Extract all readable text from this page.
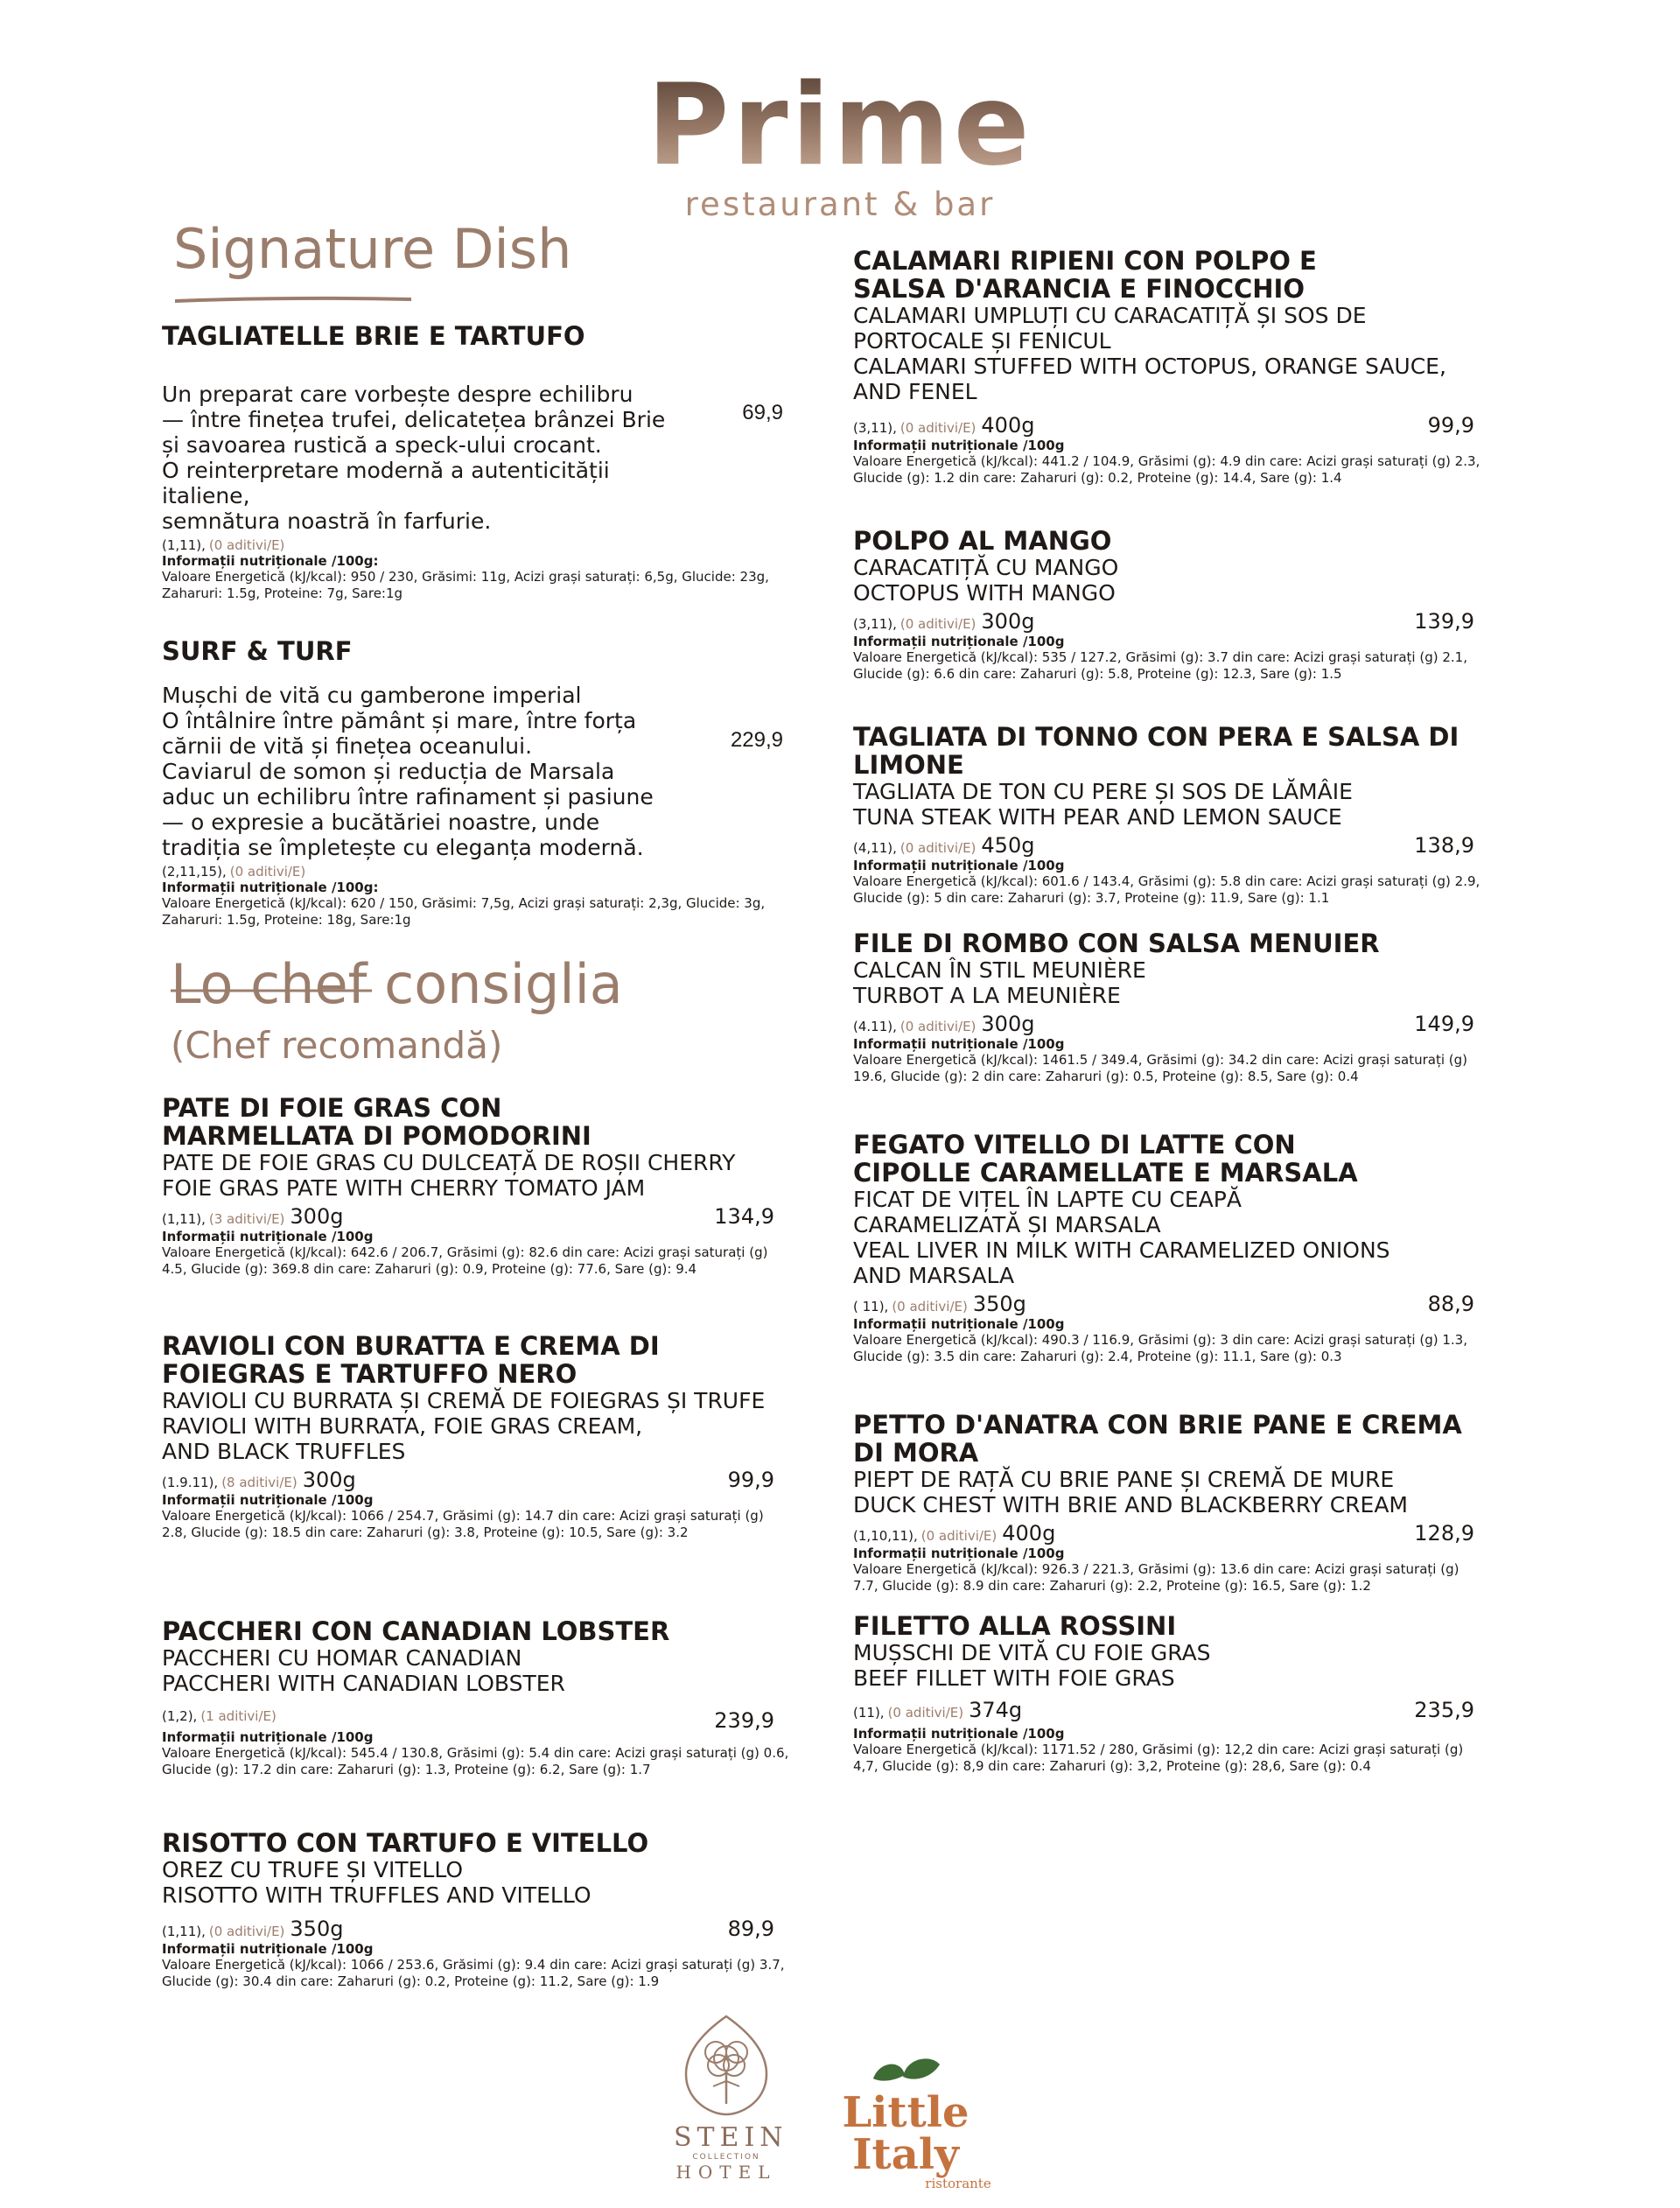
Prime
restaurant & bar
Signature Dish
TAGLIATELLE BRIE E TARTUFO
Un preparat care vorbește despre echilibru
— între finețea trufei, delicatețea brânzei Brie
și savoarea rustică a speck-ului crocant.
O reinterpretare modernă a autenticității italiene,
semnătura noastră în farfurie.
69,9
(1,11), (0 aditivi/E)
Informații nutriționale /100g:
Valoare Energetică (kJ/kcal): 950 / 230, Grăsimi: 11g, Acizi grași saturați: 6,5g, Glucide: 23g, Zaharuri: 1.5g, Proteine: 7g, Sare:1g
SURF & TURF
Mușchi de vită cu gamberone imperial
O întâlnire între pământ și mare, între forța
cărnii de vită și finețea oceanului.
Caviarul de somon și reducția de Marsala
aduc un echilibru între rafinament și pasiune
— o expresie a bucătăriei noastre, unde
tradiția se împletește cu eleganța modernă.
229,9
(2,11,15), (0 aditivi/E)
Informații nutriționale /100g:
Valoare Energetică (kJ/kcal): 620 / 150, Grăsimi: 7,5g, Acizi grași saturați: 2,3g, Glucide: 3g, Zaharuri: 1.5g, Proteine: 18g, Sare:1g
Lo chef consiglia
(Chef recomandă)
PATE DI FOIE GRAS CON MARMELLATA DI POMODORINI
PATE DE FOIE GRAS CU DULCEAȚĂ DE ROȘII CHERRY
FOIE GRAS PATE WITH CHERRY TOMATO JAM
(1,11), (3 aditivi/E) 300g	134,9
Informații nutriționale /100g
Valoare Energetică (kJ/kcal): 642.6 / 206.7, Grăsimi (g): 82.6 din care: Acizi grași saturați (g) 4.5, Glucide (g): 369.8 din care: Zaharuri (g): 0.9, Proteine (g): 77.6, Sare (g): 9.4
RAVIOLI CON BURATTA E CREMA DI FOIEGRAS E TARTUFFO NERO
RAVIOLI CU BURRATA ȘI CREMĂ DE FOIEGRAS ȘI TRUFE
RAVIOLI WITH BURRATA, FOIE GRAS CREAM, AND BLACK TRUFFLES
(1.9.11), (8 aditivi/E) 300g	99,9
Informații nutriționale /100g
Valoare Energetică (kJ/kcal): 1066 / 254.7, Grăsimi (g): 14.7 din care: Acizi grași saturați (g) 2.8, Glucide (g): 18.5 din care: Zaharuri (g): 3.8, Proteine (g): 10.5, Sare (g): 3.2
PACCHERI CON CANADIAN LOBSTER
PACCHERI CU HOMAR CANADIAN
PACCHERI WITH CANADIAN LOBSTER
(1,2), (1 aditivi/E)	239,9
Informații nutriționale /100g
Valoare Energetică (kJ/kcal): 545.4 / 130.8, Grăsimi (g): 5.4 din care: Acizi grași saturați (g) 0.6, Glucide (g): 17.2 din care: Zaharuri (g): 1.3, Proteine (g): 6.2, Sare (g): 1.7
RISOTTO CON TARTUFO E VITELLO
OREZ CU TRUFE ȘI VITELLO
RISOTTO WITH TRUFFLES AND VITELLO
(1,11), (0 aditivi/E) 350g	89,9
Informații nutriționale /100g
Valoare Energetică (kJ/kcal): 1066 / 253.6, Grăsimi (g): 9.4 din care: Acizi grași saturați (g) 3.7, Glucide (g): 30.4 din care: Zaharuri (g): 0.2, Proteine (g): 11.2, Sare (g): 1.9
CALAMARI RIPIENI CON POLPO E SALSA D'ARANCIA E FINOCCHIO
CALAMARI UMPLUȚI CU CARACATIȚĂ ȘI SOS DE PORTOCALE ȘI FENICUL
CALAMARI STUFFED WITH OCTOPUS, ORANGE SAUCE, AND FENEL
(3,11), (0 aditivi/E) 400g	99,9
Informații nutriționale /100g
Valoare Energetică (kJ/kcal): 441.2 / 104.9, Grăsimi (g): 4.9 din care: Acizi grași saturați (g) 2.3, Glucide (g): 1.2 din care: Zaharuri (g): 0.2, Proteine (g): 14.4, Sare (g): 1.4
POLPO AL MANGO
CARACATIȚĂ CU MANGO
OCTOPUS WITH MANGO
(3,11), (0 aditivi/E) 300g	139,9
Informații nutriționale /100g
Valoare Energetică (kJ/kcal): 535 / 127.2, Grăsimi (g): 3.7 din care: Acizi grași saturați (g) 2.1, Glucide (g): 6.6 din care: Zaharuri (g): 5.8, Proteine (g): 12.3, Sare (g): 1.5
TAGLIATA DI TONNO CON PERA E SALSA DI LIMONE
TAGLIATA DE TON CU PERE ȘI SOS DE LĂMÂIE
TUNA STEAK WITH PEAR AND LEMON SAUCE
(4,11), (0 aditivi/E) 450g	138,9
Informații nutriționale /100g
Valoare Energetică (kJ/kcal): 601.6 / 143.4, Grăsimi (g): 5.8 din care: Acizi grași saturați (g) 2.9, Glucide (g): 5 din care: Zaharuri (g): 3.7, Proteine (g): 11.9, Sare (g): 1.1
FILE DI ROMBO CON SALSA MENUIER
CALCAN ÎN STIL MEUNIÈRE
TURBOT A LA MEUNIÈRE
(4.11), (0 aditivi/E) 300g	149,9
Informații nutriționale /100g
Valoare Energetică (kJ/kcal): 1461.5 / 349.4, Grăsimi (g): 34.2 din care: Acizi grași saturați (g) 19.6, Glucide (g): 2 din care: Zaharuri (g): 0.5, Proteine (g): 8.5, Sare (g): 0.4
FEGATO VITELLO DI LATTE CON CIPOLLE CARAMELLATE E MARSALA
FICAT DE VIȚEL ÎN LAPTE CU CEAPĂ CARAMELIZATĂ ȘI MARSALA
VEAL LIVER IN MILK WITH CARAMELIZED ONIONS AND MARSALA
( 11), (0 aditivi/E) 350g	88,9
Informații nutriționale /100g
Valoare Energetică (kJ/kcal): 490.3 / 116.9, Grăsimi (g): 3 din care: Acizi grași saturați (g) 1.3, Glucide (g): 3.5 din care: Zaharuri (g): 2.4, Proteine (g): 11.1, Sare (g): 0.3
PETTO D'ANATRA CON BRIE PANE E CREMA DI MORA
PIEPT DE RAȚĂ CU BRIE PANE ȘI CREMĂ DE MURE
DUCK CHEST WITH BRIE AND BLACKBERRY CREAM
(1,10,11), (0 aditivi/E) 400g	128,9
Informații nutriționale /100g
Valoare Energetică (kJ/kcal): 926.3 / 221.3, Grăsimi (g): 13.6 din care: Acizi grași saturați (g) 7.7, Glucide (g): 8.9 din care: Zaharuri (g): 2.2, Proteine (g): 16.5, Sare (g): 1.2
FILETTO ALLA ROSSINI
MUȘSCHI DE VITĂ CU FOIE GRAS
BEEF FILLET WITH FOIE GRAS
(11), (0 aditivi/E) 374g	235,9
Informații nutriționale /100g
Valoare Energetică (kJ/kcal): 1171.52 / 280, Grăsimi (g): 12,2 din care: Acizi grași saturați (g) 4,7, Glucide (g): 8,9 din care: Zaharuri (g): 3,2, Proteine (g): 28,6, Sare (g): 0.4
STEIN
COLLECTION
HOTEL
Little Italy
ristorante
